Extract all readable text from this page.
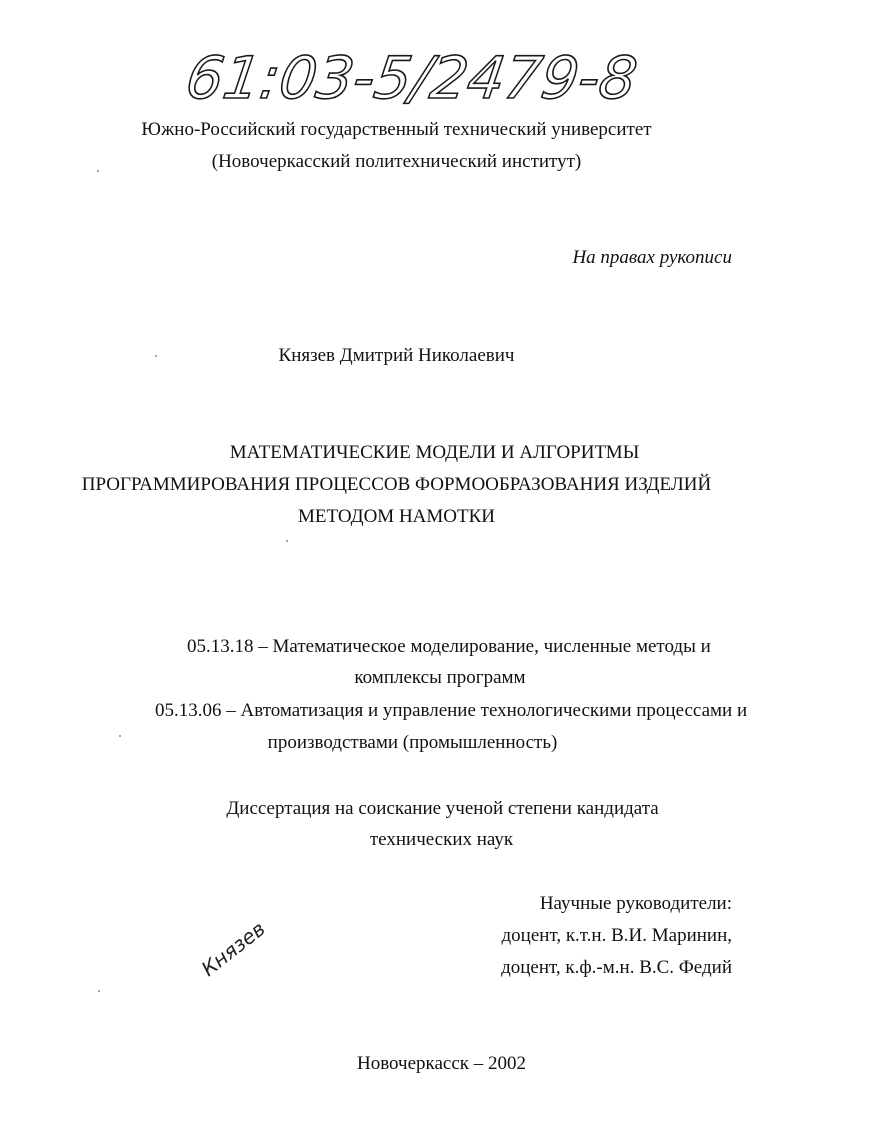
61:03-5/2479-8
Южно-Российский государственный технический университет
(Новочеркасский политехнический институт)
На правах рукописи
Князев Дмитрий Николаевич
МАТЕМАТИЧЕСКИЕ МОДЕЛИ И АЛГОРИТМЫ
ПРОГРАММИРОВАНИЯ ПРОЦЕССОВ ФОРМООБРАЗОВАНИЯ ИЗДЕЛИЙ
МЕТОДОМ НАМОТКИ
05.13.18 – Математическое моделирование, численные методы и
комплексы программ
05.13.06 – Автоматизация и управление технологическими процессами и
производствами (промышленность)
Диссертация на соискание ученой степени кандидата
технических наук
Научные руководители:
доцент, к.т.н. В.И. Маринин,
доцент, к.ф.-м.н. В.С. Федий
Князев
Новочеркасск – 2002
